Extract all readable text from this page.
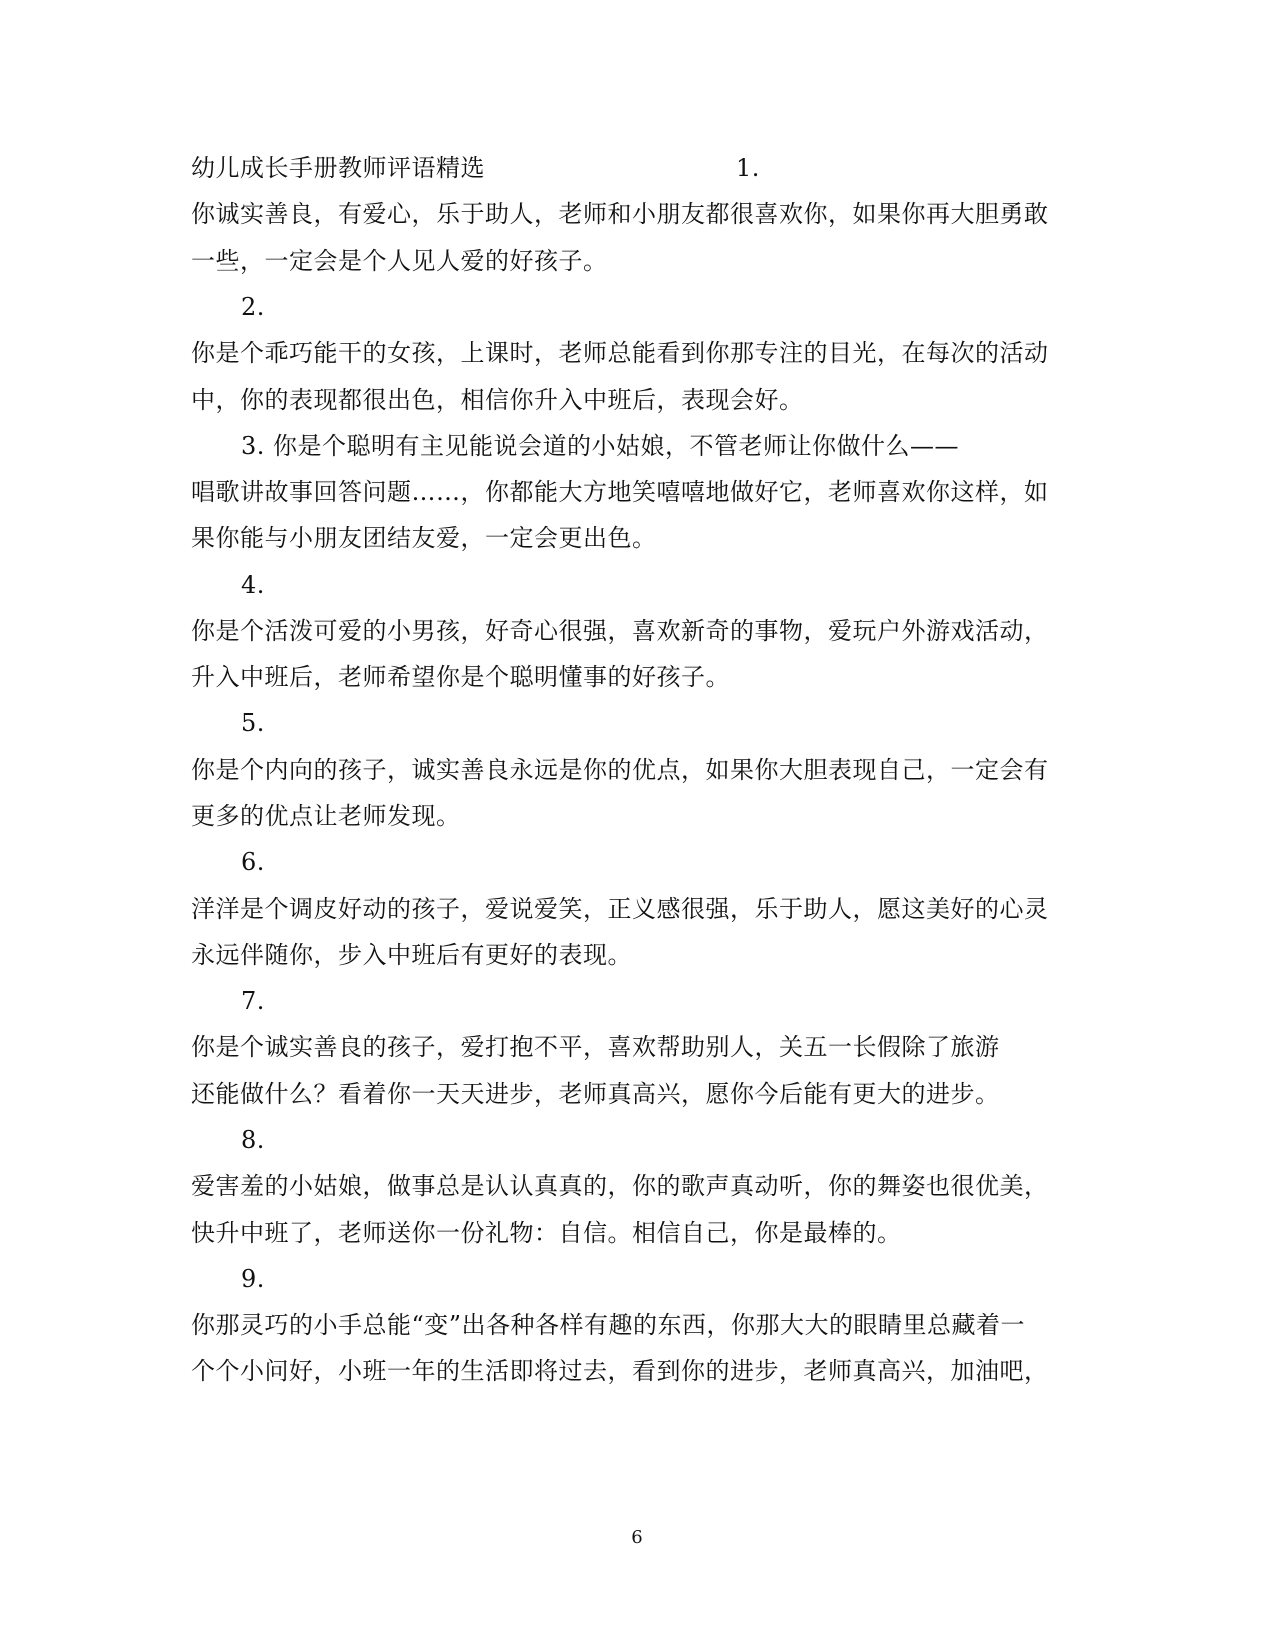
幼儿成长手册教师评语精选	1.
你诚实善良，有爱心，乐于助人，老师和小朋友都很喜欢你，如果你再大胆勇敢
一些，一定会是个人见人爱的好孩子。
2.
你是个乖巧能干的女孩，上课时，老师总能看到你那专注的目光，在每次的活动
中，你的表现都很出色，相信你升入中班后，表现会好。
3. 你是个聪明有主见能说会道的小姑娘，不管老师让你做什么——
唱歌讲故事回答问题……，你都能大方地笑嘻嘻地做好它，老师喜欢你这样，如
果你能与小朋友团结友爱，一定会更出色。
4.
你是个活泼可爱的小男孩，好奇心很强，喜欢新奇的事物，爱玩户外游戏活动，
升入中班后，老师希望你是个聪明懂事的好孩子。
5.
你是个内向的孩子，诚实善良永远是你的优点，如果你大胆表现自己，一定会有
更多的优点让老师发现。
6.
洋洋是个调皮好动的孩子，爱说爱笑，正义感很强，乐于助人，愿这美好的心灵
永远伴随你，步入中班后有更好的表现。
7.
你是个诚实善良的孩子，爱打抱不平，喜欢帮助别人，关五一长假除了旅游
还能做什么？看着你一天天进步，老师真高兴，愿你今后能有更大的进步。
8.
爱害羞的小姑娘，做事总是认认真真的，你的歌声真动听，你的舞姿也很优美，
快升中班了，老师送你一份礼物：自信。相信自己，你是最棒的。
9.
你那灵巧的小手总能“变”出各种各样有趣的东西，你那大大的眼睛里总藏着一
个个小问好，小班一年的生活即将过去，看到你的进步，老师真高兴，加油吧，
6
